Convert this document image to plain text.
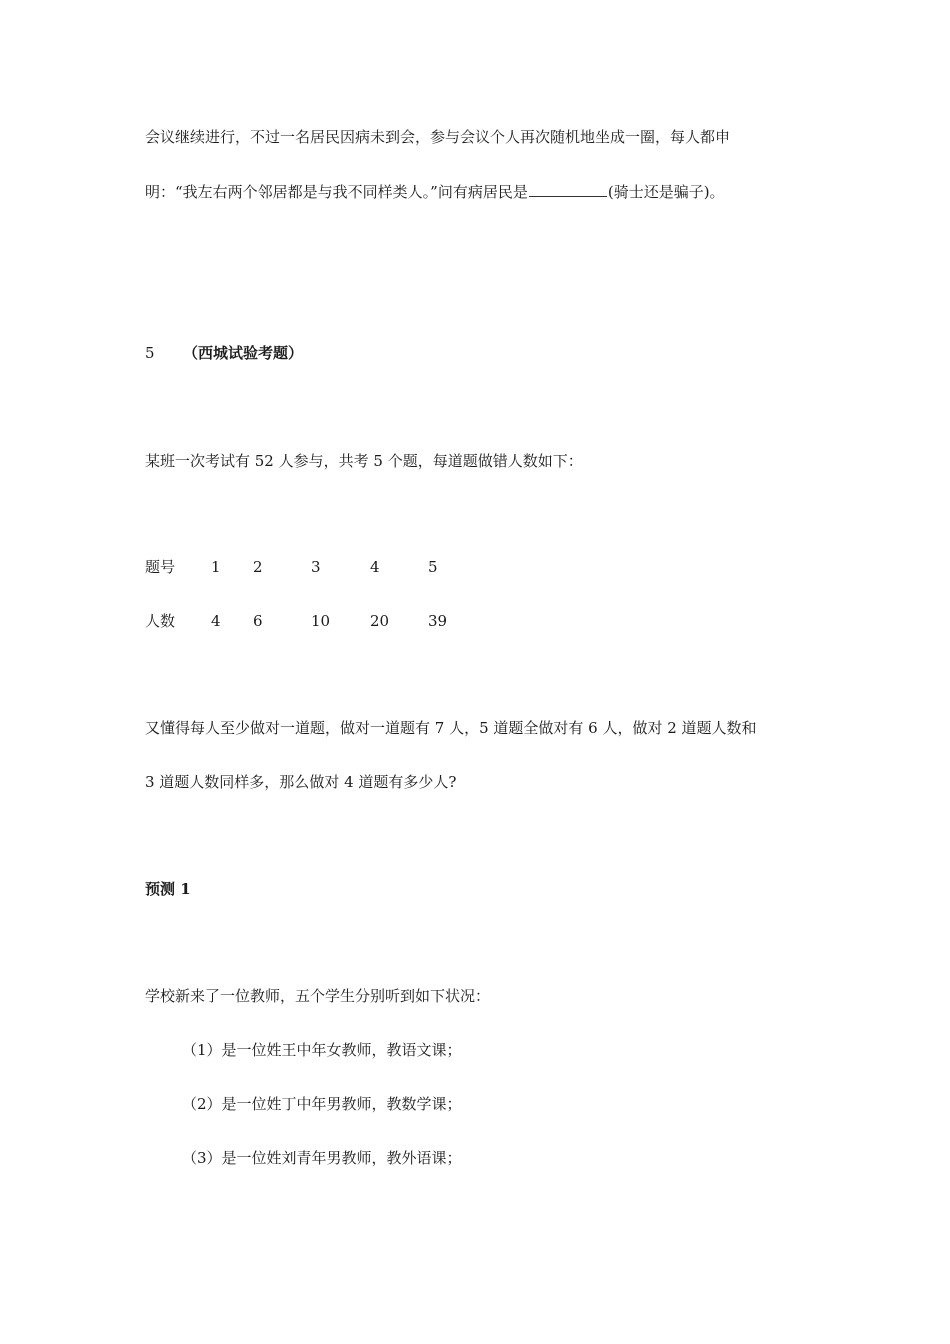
会议继续进行，不过一名居民因病未到会，参与会议个人再次随机地坐成一圈，每人都申
明：“我左右两个邻居都是与我不同样类人。”问有病居民是	(骑士还是骗子)。
5 （西城试验考题）
某班一次考试有 52 人参与，共考 5 个题，每道题做错人数如下：
题号 1 2	3	4	5
人数 4 6	10	20	39
又懂得每人至少做对一道题，做对一道题有 7 人，5 道题全做对有 6 人，做对 2 道题人数和
3 道题人数同样多，那么做对 4 道题有多少人?
预测 1
学校新来了一位教师，五个学生分别听到如下状况：
（1）是一位姓王中年女教师，教语文课；
（2）是一位姓丁中年男教师，教数学课；
（3）是一位姓刘青年男教师，教外语课；
